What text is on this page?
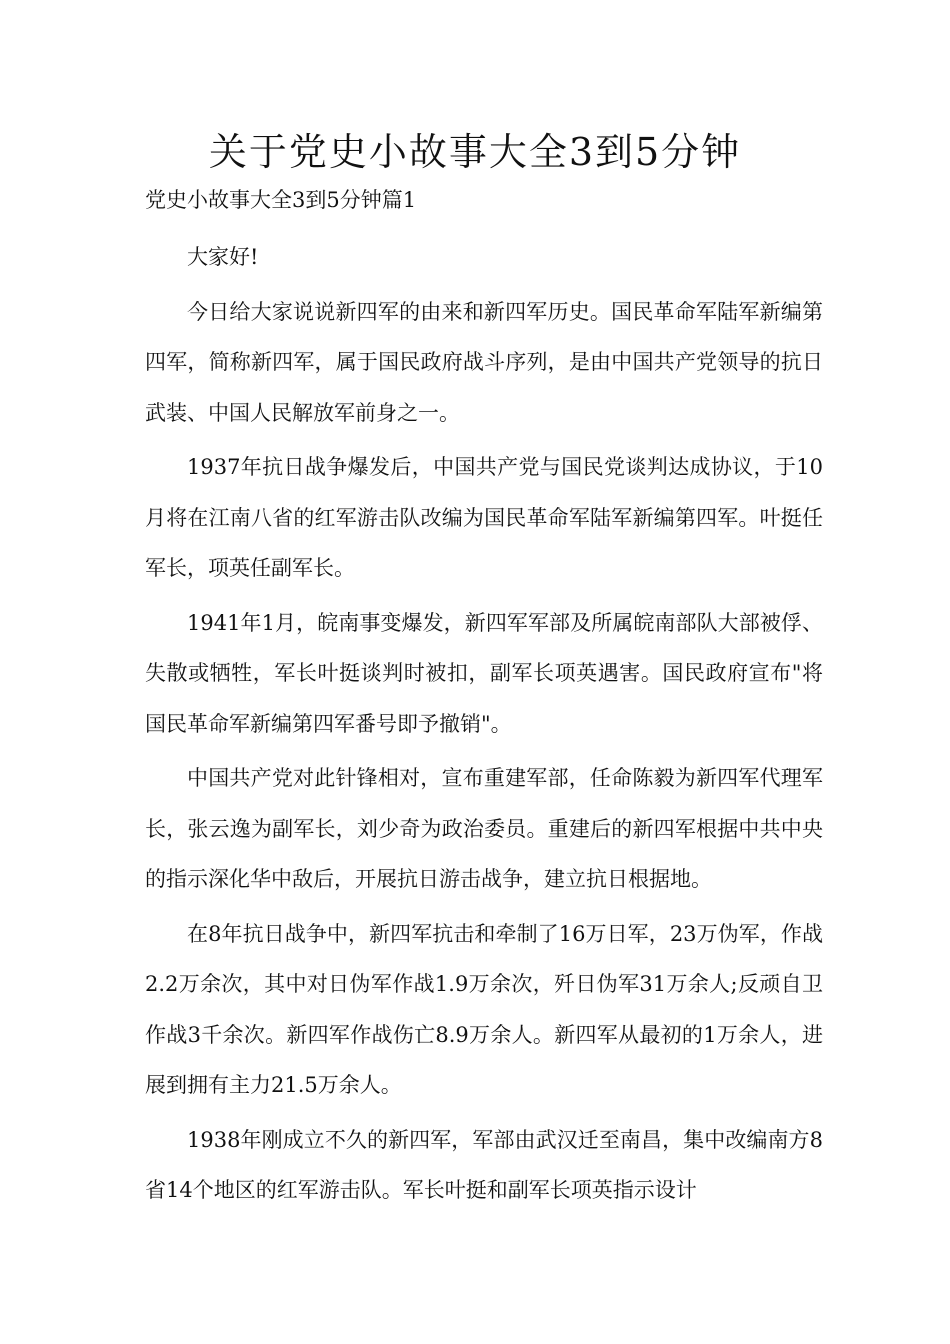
关于党史小故事大全3到5分钟

党史小故事大全3到5分钟篇1

大家好!

今日给大家说说新四军的由来和新四军历史。国民革命军陆军新编第四军，简称新四军，属于国民政府战斗序列，是由中国共产党领导的抗日武装、中国人民解放军前身之一。

1937年抗日战争爆发后，中国共产党与国民党谈判达成协议，于10月将在江南八省的红军游击队改编为国民革命军陆军新编第四军。叶挺任军长，项英任副军长。

1941年1月，皖南事变爆发，新四军军部及所属皖南部队大部被俘、失散或牺牲，军长叶挺谈判时被扣，副军长项英遇害。国民政府宣布"将国民革命军新编第四军番号即予撤销"。

中国共产党对此针锋相对，宣布重建军部，任命陈毅为新四军代理军长，张云逸为副军长，刘少奇为政治委员。重建后的新四军根据中共中央的指示深化华中敌后，开展抗日游击战争，建立抗日根据地。

在8年抗日战争中，新四军抗击和牵制了16万日军，23万伪军，作战2.2万余次，其中对日伪军作战1.9万余次，歼日伪军31万余人;反顽自卫作战3千余次。新四军作战伤亡8.9万余人。新四军从最初的1万余人，进展到拥有主力21.5万余人。

1938年刚成立不久的新四军，军部由武汉迁至南昌，集中改编南方8省14个地区的红军游击队。军长叶挺和副军长项英指示设计
